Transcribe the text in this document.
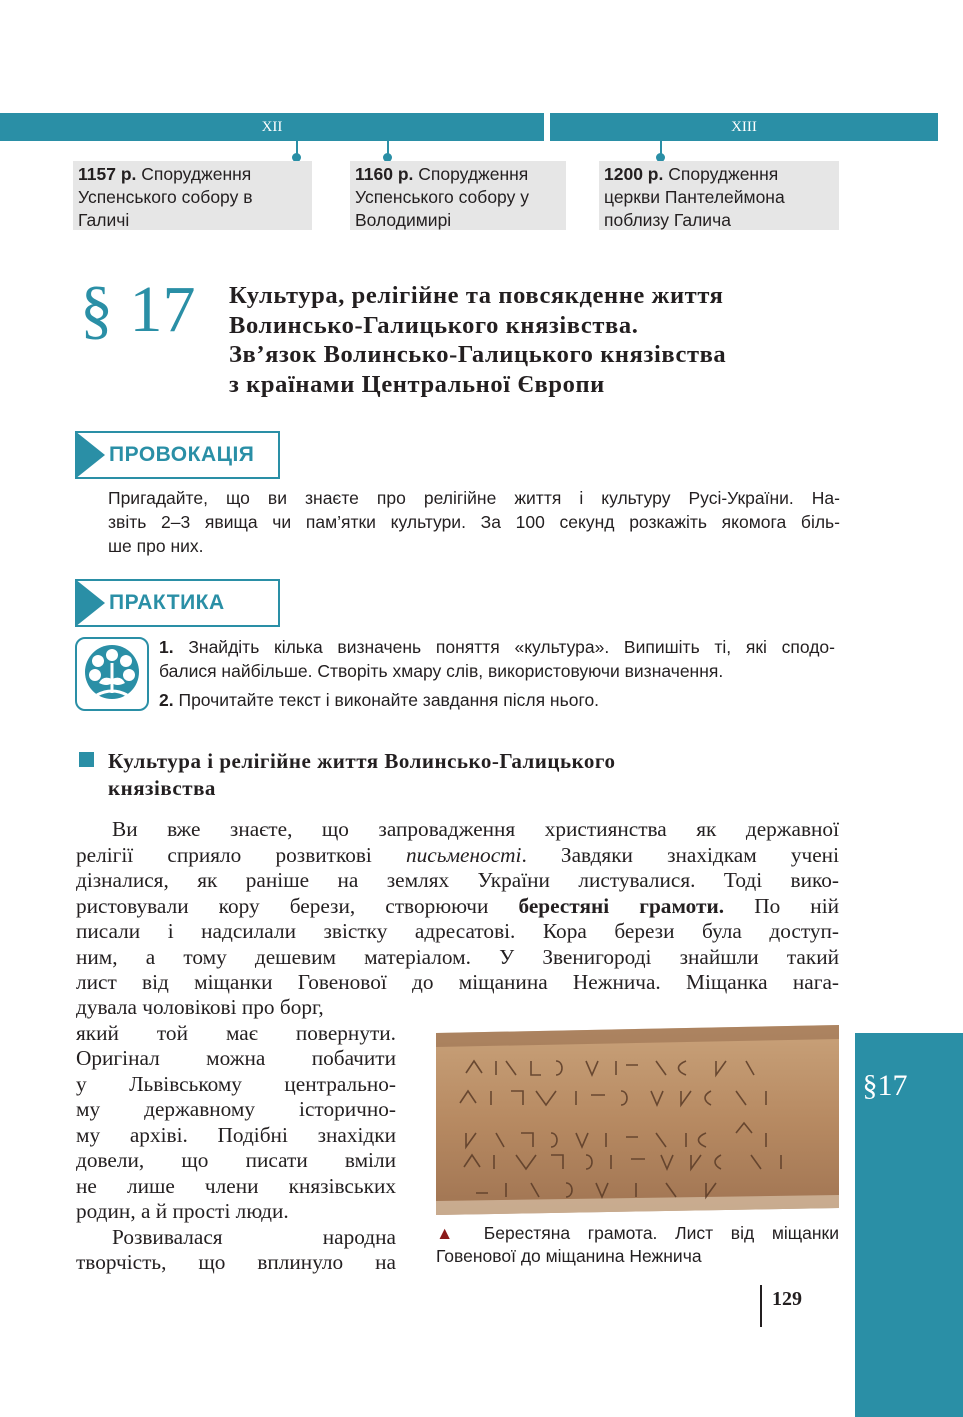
XII	XIII
1157 р. Спорудження
Успенського собору в
Галичі
1160 р. Спорудження
Успенського собору у
Володимирі
1200 р. Спорудження
церкви Пантелеймона
поблизу Галича
§ 17 Культура, релігійне та повсякденне життя
Волинсько-Галицького князівства.
Зв’язок Волинсько-Галицького князівства
з країнами Центральної Європи
ПРОВОКАЦІЯ
Пригадайте, що ви знаєте про релігійне життя і культуру Русі-України. На-
звіть 2–3 явища чи пам’ятки культури. За 100 секунд розкажіть якомога біль-
ше про них.
ПРАКТИКА
1. Знайдіть кілька визначень поняття «культура». Випишіть ті, які сподо-
балися найбільше. Створіть хмару слів, використовуючи визначення.
2. Прочитайте текст і виконайте завдання після нього.
Культура і релігійне життя Волинсько-Галицького
князівства
Ви вже знаєте, що запровадження християнства як державної
релігії сприяло розвиткові письменості. Завдяки знахідкам учені
дізналися, як раніше на землях України листувалися. Тоді вико-
ристовували кору берези, створюючи берестяні грамоти. По ній
писали і надсилали звістку адресатові. Кора берези була доступ-
ним, а тому дешевим матеріалом. У Звенигороді знайшли такий
лист від міщанки Говенової до міщанина Нежнича. Міщанка нага-
дувала чоловікові про борг,
який той має повернути.
Оригінал можна побачити
у Львівському центрально-
му державному історично-
му архіві. Подібні знахідки
довели, що писати вміли
не лише члени князівських
родин, а й прості люди.
Розвивалася народна
творчість, що вплинуло на
▲ Берестяна грамота. Лист від міщанки
Говенової до міщанина Нежнича
§17
129
